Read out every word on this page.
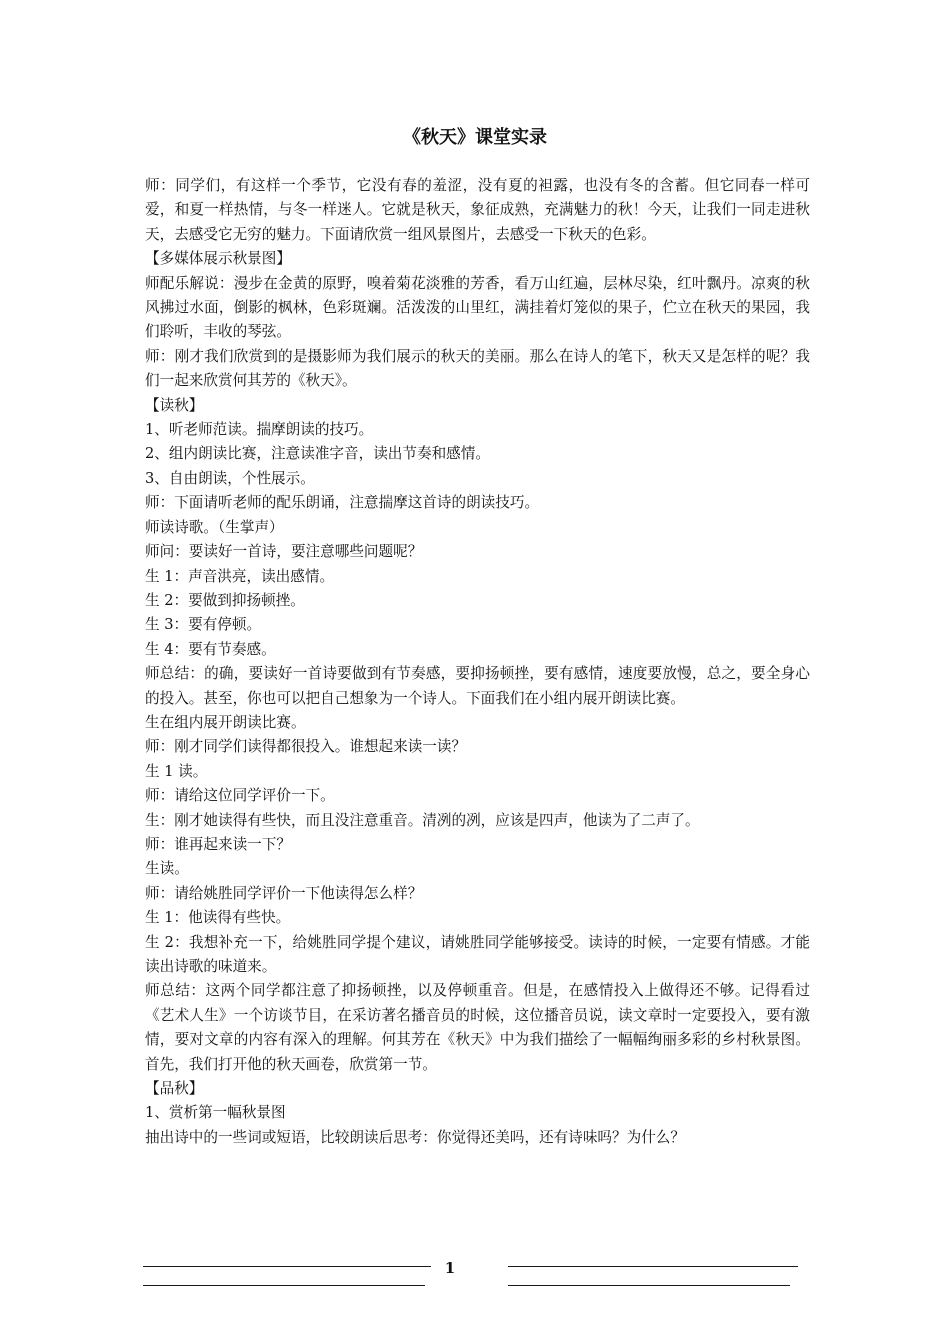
《秋天》课堂实录

师：同学们，有这样一个季节，它没有春的羞涩，没有夏的袒露，也没有冬的含蓄。但它同春一样可爱，和夏一样热情，与冬一样迷人。它就是秋天，象征成熟，充满魅力的秋！今天，让我们一同走进秋天，去感受它无穷的魅力。下面请欣赏一组风景图片，去感受一下秋天的色彩。

【多媒体展示秋景图】

师配乐解说：漫步在金黄的原野，嗅着菊花淡雅的芳香，看万山红遍，层林尽染，红叶飘丹。凉爽的秋风拂过水面，倒影的枫林，色彩斑斓。活泼泼的山里红，满挂着灯笼似的果子，伫立在秋天的果园，我们聆听，丰收的琴弦。

师：刚才我们欣赏到的是摄影师为我们展示的秋天的美丽。那么在诗人的笔下，秋天又是怎样的呢？我们一起来欣赏何其芳的《秋天》。

【读秋】

1、听老师范读。揣摩朗读的技巧。

2、组内朗读比赛，注意读准字音，读出节奏和感情。

3、自由朗读，个性展示。

师：下面请听老师的配乐朗诵，注意揣摩这首诗的朗读技巧。

师读诗歌。（生掌声）

师问：要读好一首诗，要注意哪些问题呢？

生 1：声音洪亮，读出感情。

生 2：要做到抑扬顿挫。

生 3：要有停顿。

生 4：要有节奏感。

师总结：的确，要读好一首诗要做到有节奏感，要抑扬顿挫，要有感情，速度要放慢，总之，要全身心的投入。甚至，你也可以把自己想象为一个诗人。下面我们在小组内展开朗读比赛。

生在组内展开朗读比赛。

师：刚才同学们读得都很投入。谁想起来读一读？

生 1 读。

师：请给这位同学评价一下。

生：刚才她读得有些快，而且没注意重音。清冽的冽，应该是四声，他读为了二声了。

师：谁再起来读一下？

生读。

师：请给姚胜同学评价一下他读得怎么样？

生 1：他读得有些快。

生 2：我想补充一下，给姚胜同学提个建议，请姚胜同学能够接受。读诗的时候，一定要有情感。才能读出诗歌的味道来。

师总结：这两个同学都注意了抑扬顿挫，以及停顿重音。但是，在感情投入上做得还不够。记得看过《艺术人生》一个访谈节目，在采访著名播音员的时候，这位播音员说，读文章时一定要投入，要有激情，要对文章的内容有深入的理解。何其芳在《秋天》中为我们描绘了一幅幅绚丽多彩的乡村秋景图。首先，我们打开他的秋天画卷，欣赏第一节。

【品秋】

1、赏析第一幅秋景图

抽出诗中的一些词或短语，比较朗读后思考：你觉得还美吗，还有诗味吗？为什么？

1
